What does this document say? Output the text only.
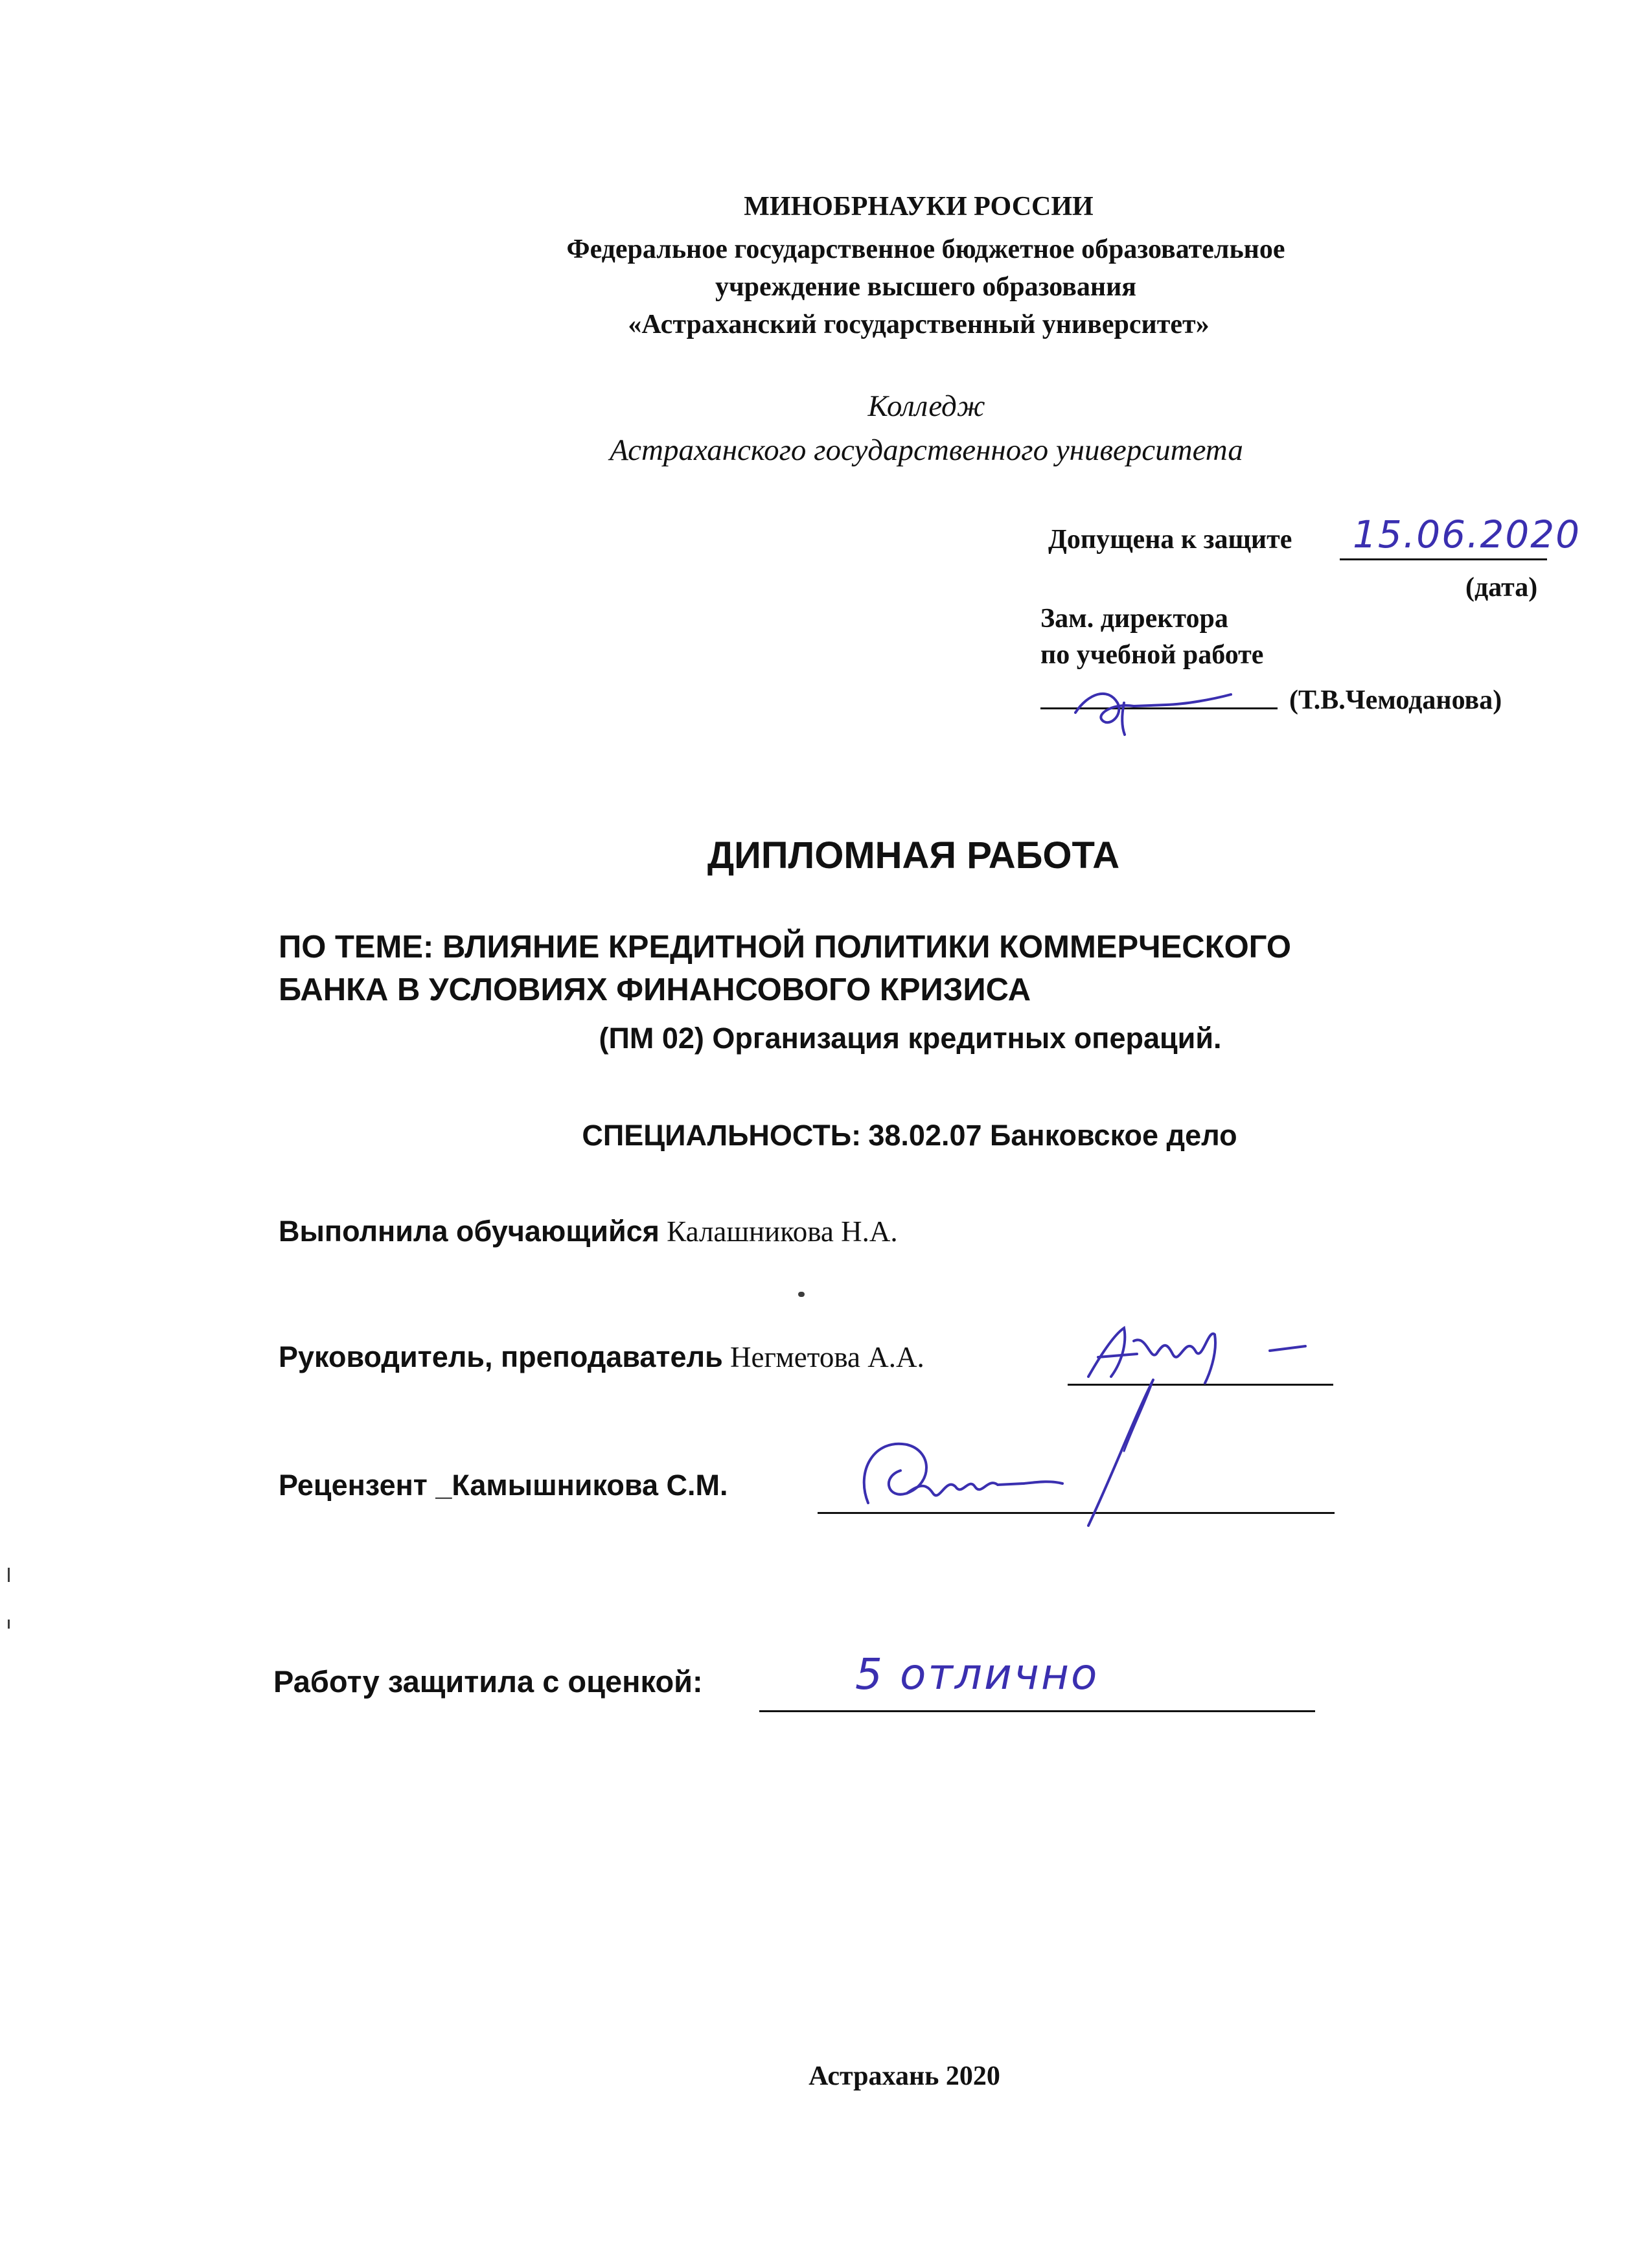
МИНОБРНАУКИ РОССИИ
Федеральное государственное бюджетное образовательное
учреждение высшего образования
«Астраханский государственный университет»
Колледж
Астраханского государственного университета
Допущена к защите 15.06.2020
(дата)
Зам. директора
по учебной работе
(Т.В.Чемоданова)
ДИПЛОМНАЯ РАБОТА
ПО ТЕМЕ: ВЛИЯНИЕ КРЕДИТНОЙ ПОЛИТИКИ КОММЕРЧЕСКОГО
БАНКА В УСЛОВИЯХ ФИНАНСОВОГО КРИЗИСА
(ПМ 02) Организация кредитных операций.
СПЕЦИАЛЬНОСТЬ: 38.02.07 Банковское дело
Выполнила обучающийся Калашникова Н.А.
Руководитель, преподаватель Негметова А.А.
Рецензент _Камышникова С.М.
Работу защитила с оценкой:	5 отлично
Астрахань 2020
